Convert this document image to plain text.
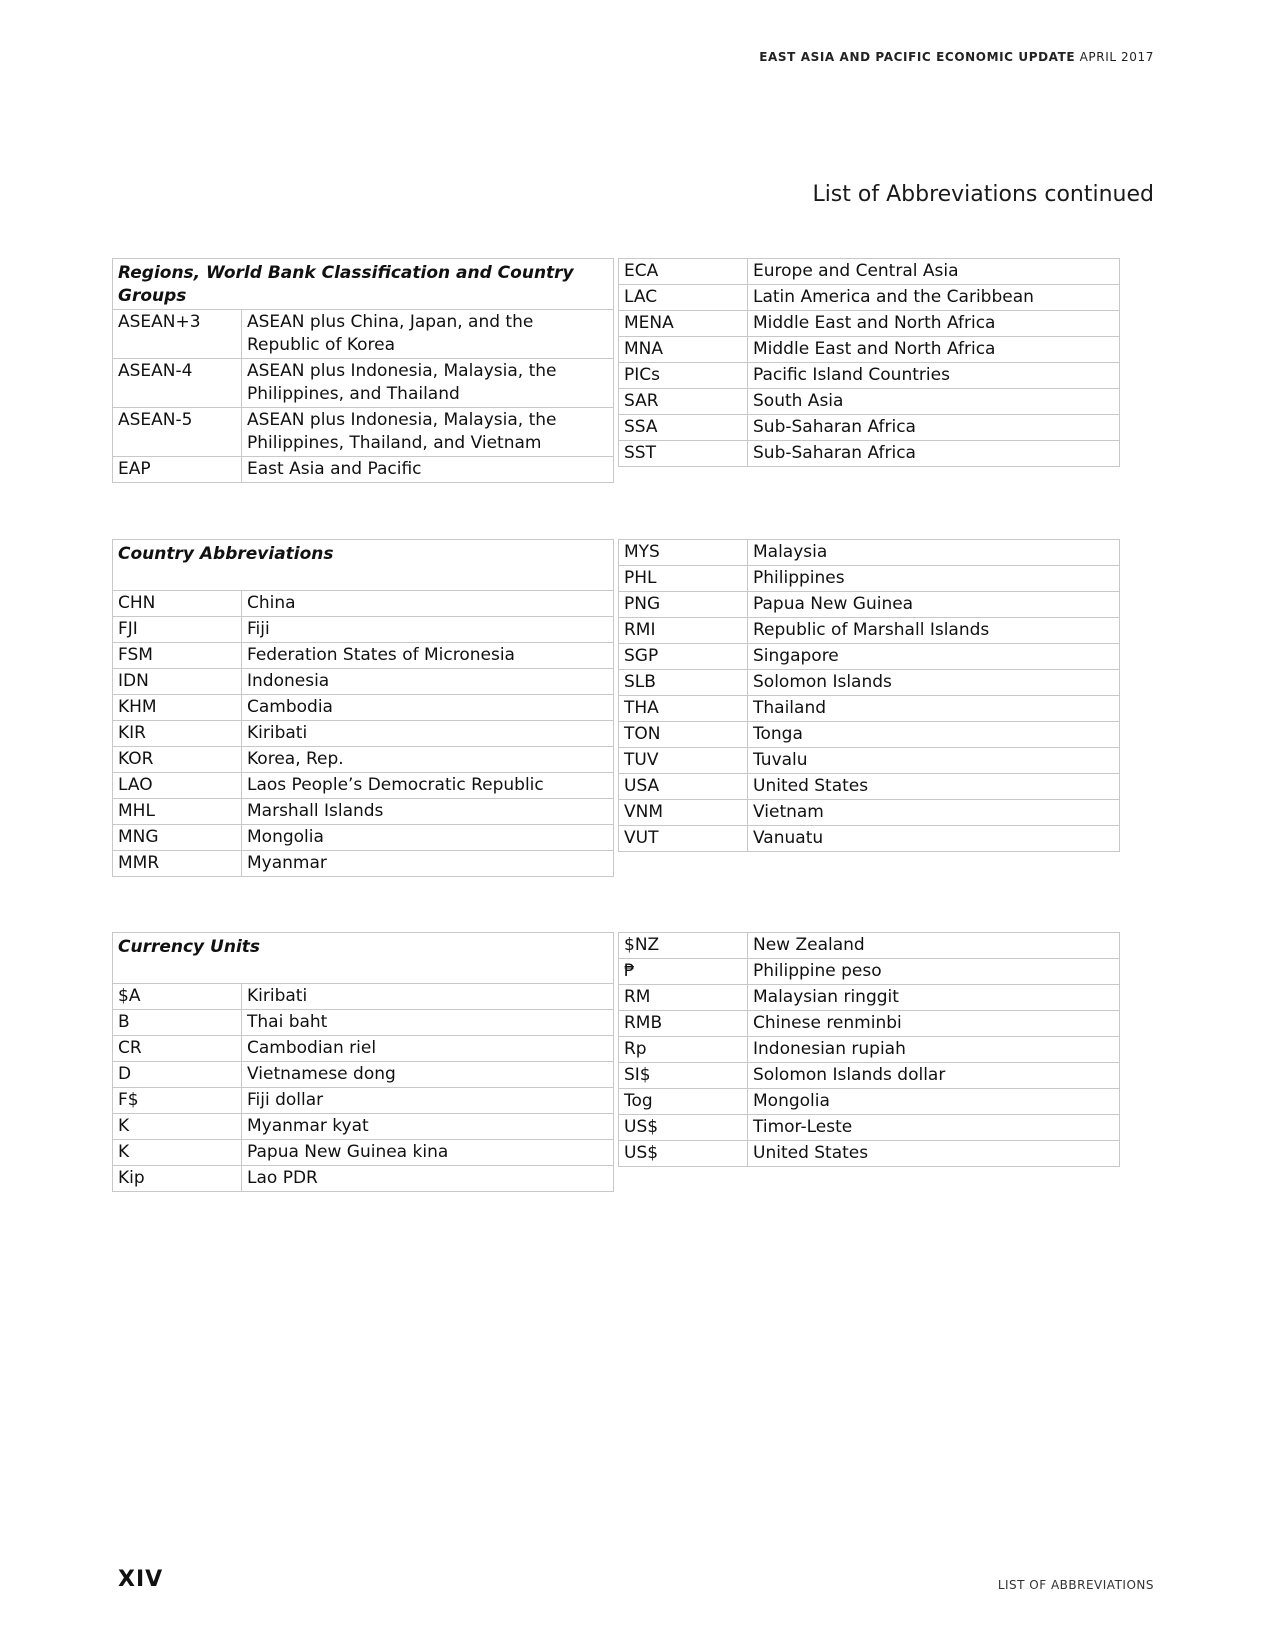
EAST ASIA AND PACIFIC ECONOMIC UPDATE APRIL 2017
List of Abbreviations continued
Regions, World Bank Classification and Country Groups	
ASEAN+3	ASEAN plus China, Japan, and the Republic of Korea
ASEAN-4	ASEAN plus Indonesia, Malaysia, the Philippines, and Thailand
ASEAN-5	ASEAN plus Indonesia, Malaysia, the Philippines, Thailand, and Vietnam
EAP	East Asia and Pacific
ECA	Europe and Central Asia
LAC	Latin America and the Caribbean
MENA	Middle East and North Africa
MNA	Middle East and North Africa
PICs	Pacific Island Countries
SAR	South Asia
SSA	Sub-Saharan Africa
SST	Sub-Saharan Africa
Country Abbreviations	
CHN	China
FJI	Fiji
FSM	Federation States of Micronesia
IDN	Indonesia
KHM	Cambodia
KIR	Kiribati
KOR	Korea, Rep.
LAO	Laos People’s Democratic Republic
MHL	Marshall Islands
MNG	Mongolia
MMR	Myanmar
MYS	Malaysia
PHL	Philippines
PNG	Papua New Guinea
RMI	Republic of Marshall Islands
SGP	Singapore
SLB	Solomon Islands
THA	Thailand
TON	Tonga
TUV	Tuvalu
USA	United States
VNM	Vietnam
VUT	Vanuatu
Currency Units	
$A	Kiribati
B	Thai baht
CR	Cambodian riel
D	Vietnamese dong
F$	Fiji dollar
K	Myanmar kyat
K	Papua New Guinea kina
Kip	Lao PDR
$NZ	New Zealand
₱	Philippine peso
RM	Malaysian ringgit
RMB	Chinese renminbi
Rp	Indonesian rupiah
SI$	Solomon Islands dollar
Tog	Mongolia
US$	Timor-Leste
US$	United States
XIV	LIST OF ABBREVIATIONS
